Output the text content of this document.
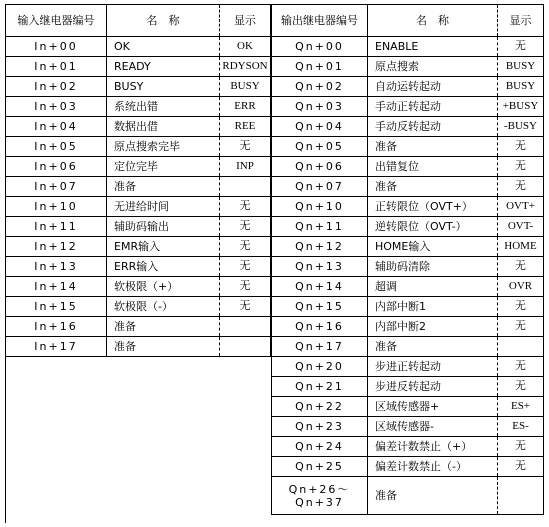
输入继电器编号	名　称	显示
In+00	OK	OK
In+01	READY	RDYSON
In+02	BUSY	BUSY
In+03	系统出错	ERR
In+04	数据出借	REE
In+05	原点搜索完毕	无
In+06	定位完毕	INP
In+07	准备	
In+10	无进给时间	无
In+11	辅助码输出	无
In+12	EMR输入	无
In+13	ERR输入	无
In+14	软极限（+）	无
In+15	软极限（-）	无
In+16	准备	
In+17	准备	
输出继电器编号	名　称	显示
Qn+00	ENABLE	无
Qn+01	原点搜索	BUSY
Qn+02	自动运转起动	BUSY
Qn+03	手动正转起动	+BUSY
Qn+04	手动反转起动	-BUSY
Qn+05	准备	无
Qn+06	出错复位	无
Qn+07	准备	无
Qn+10	正转限位（OVT+）	OVT+
Qn+11	逆转限位（OVT-）	OVT-
Qn+12	HOME输入	HOME
Qn+13	辅助码清除	无
Qn+14	超调	OVR
Qn+15	内部中断1	无
Qn+16	内部中断2	无
Qn+17	准备	
Qn+20	步进正转起动	无
Qn+21	步进反转起动	无
Qn+22	区域传感器+	ES+
Qn+23	区域传感器-	ES-
Qn+24	偏差计数禁止（+）	无
Qn+25	偏差计数禁止（-）	无
Qn+26～Qn+37	准备	
